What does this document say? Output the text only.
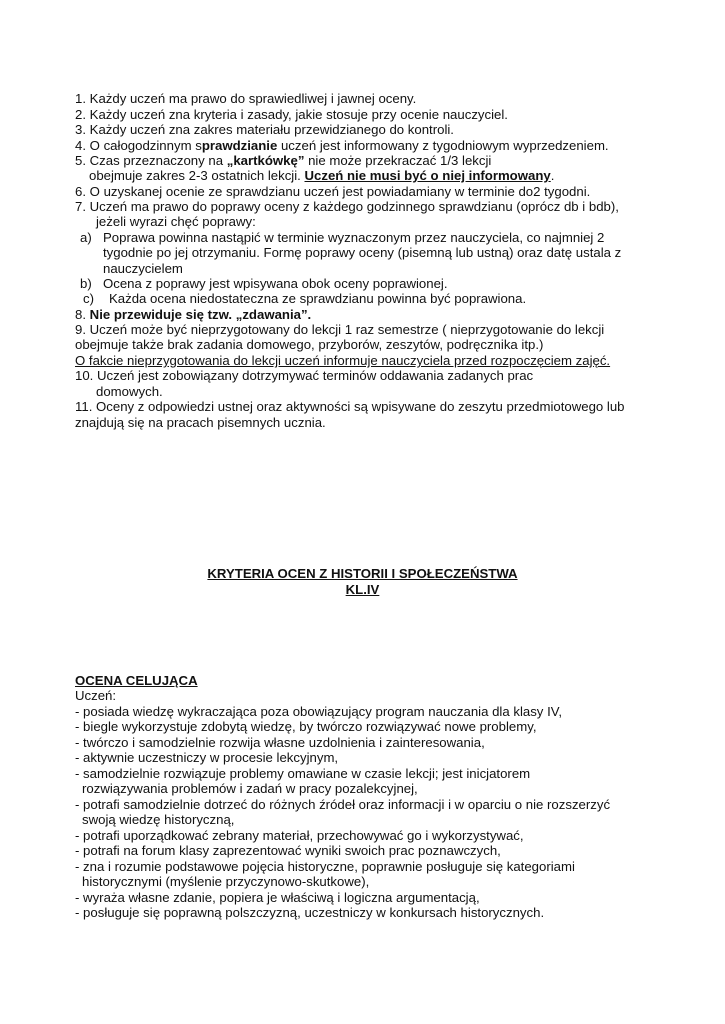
1. Każdy uczeń ma prawo do sprawiedliwej i jawnej oceny.
2. Każdy uczeń zna kryteria i zasady, jakie stosuje przy ocenie nauczyciel.
3. Każdy uczeń zna zakres materiału przewidzianego do kontroli.
4. O całogodzinnym sprawdzianie uczeń jest informowany z tygodniowym wyprzedzeniem.
5. Czas przeznaczony na „kartkówkę” nie może przekraczać 1/3 lekcji
obejmuje zakres 2-3 ostatnich lekcji. Uczeń nie musi być o niej informowany.
6. O uzyskanej ocenie ze sprawdzianu uczeń jest powiadamiany w terminie do2 tygodni.
7. Uczeń ma prawo do poprawy oceny z każdego godzinnego sprawdzianu (oprócz db i bdb),
jeżeli wyrazi chęć poprawy:
a) Poprawa powinna nastąpić w terminie wyznaczonym przez nauczyciela, co najmniej 2
tygodnie po jej otrzymaniu. Formę poprawy oceny (pisemną lub ustną) oraz datę ustala z
nauczycielem
b) Ocena z poprawy jest wpisywana obok oceny poprawionej.
c) Każda ocena niedostateczna ze sprawdzianu powinna być poprawiona.
8. Nie przewiduje się tzw. „zdawania”.
9. Uczeń może być nieprzygotowany do lekcji 1 raz semestrze ( nieprzygotowanie do lekcji
obejmuje także brak zadania domowego, przyborów, zeszytów, podręcznika itp.)
O fakcie nieprzygotowania do lekcji uczeń informuje nauczyciela przed rozpoczęciem zajęć.
10. Uczeń jest zobowiązany dotrzymywać terminów oddawania zadanych prac
domowych.
11. Oceny z odpowiedzi ustnej oraz aktywności są wpisywane do zeszytu przedmiotowego lub
znajdują się na pracach pisemnych ucznia.
KRYTERIA OCEN Z HISTORII I SPOŁECZEŃSTWA
KL.IV
OCENA CELUJĄCA
Uczeń:
- posiada wiedzę wykraczająca poza obowiązujący program nauczania dla klasy IV,
- biegle wykorzystuje zdobytą wiedzę, by twórczo rozwiązywać nowe problemy,
- twórczo i samodzielnie rozwija własne uzdolnienia i zainteresowania,
- aktywnie uczestniczy w procesie lekcyjnym,
- samodzielnie rozwiązuje problemy omawiane w czasie lekcji; jest inicjatorem
rozwiązywania problemów i zadań w pracy pozalekcyjnej,
- potrafi samodzielnie dotrzeć do różnych źródeł oraz informacji i w oparciu o nie rozszerzyć
swoją wiedzę historyczną,
- potrafi uporządkować zebrany materiał, przechowywać go i wykorzystywać,
- potrafi na forum klasy zaprezentować wyniki swoich prac poznawczych,
- zna i rozumie podstawowe pojęcia historyczne, poprawnie posługuje się kategoriami
historycznymi (myślenie przyczynowo-skutkowe),
- wyraża własne zdanie, popiera je właściwą i logiczna argumentacją,
- posługuje się poprawną polszczyzną, uczestniczy w konkursach historycznych.
